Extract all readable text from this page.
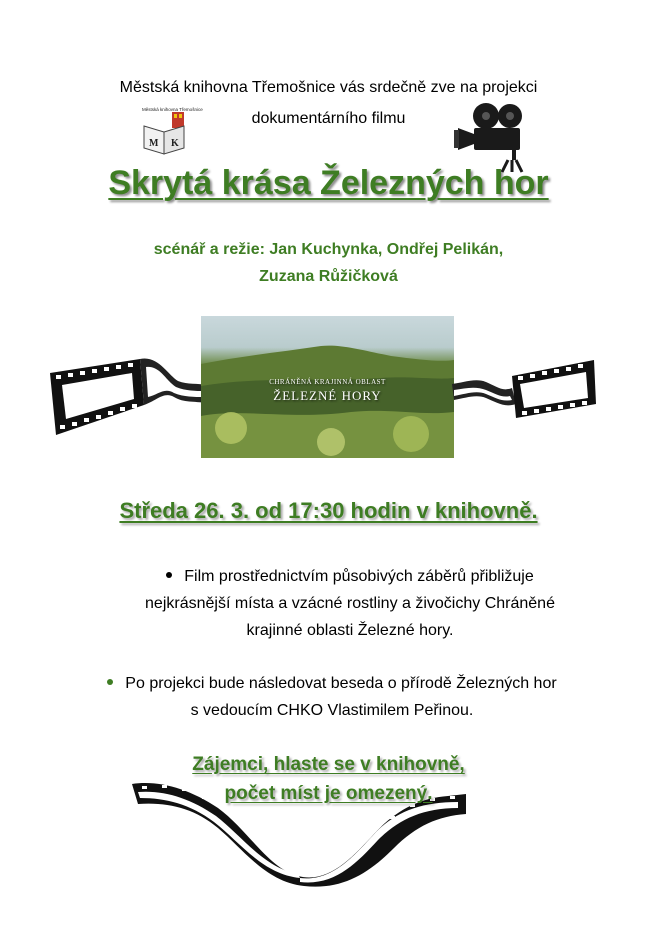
Městská knihovna Třemošnice vás srdečně zve na projekci
dokumentárního filmu
Městská knihovna Třemošnice
M K
Skrytá krása Železných hor
scénář a režie: Jan Kuchynka, Ondřej Pelikán,
Zuzana Růžičková
CHRÁNĚNÁ KRAJINNÁ OBLAST
ŽELEZNÉ HORY
Středa 26. 3. od 17:30 hodin v knihovně.
Film prostřednictvím působivých záběrů přibližuje
nejkrásnější místa a vzácné rostliny a živočichy Chráněné
krajinné oblasti Železné hory.
Po projekci bude následovat beseda o přírodě Železných hor
s vedoucím CHKO Vlastimilem Peřinou.
Zájemci, hlaste se v knihovně,
počet míst je omezený.
